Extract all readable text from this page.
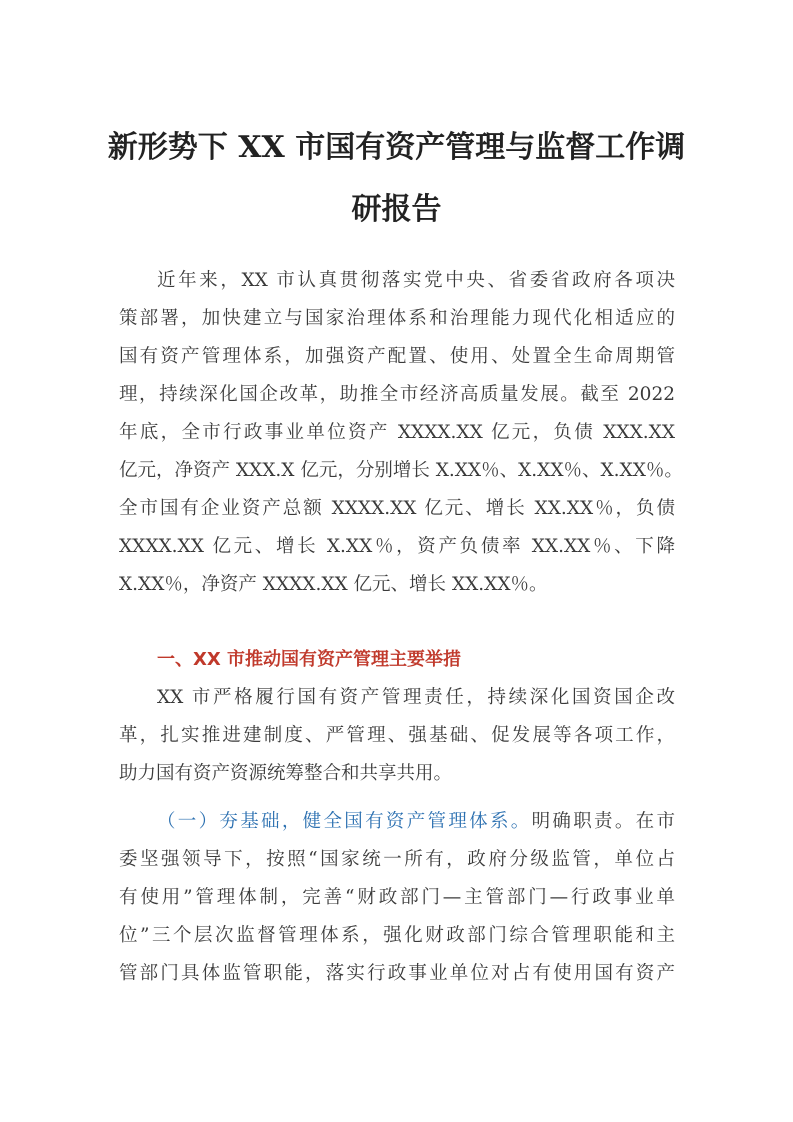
新形势下 XX 市国有资产管理与监督工作调
研报告
近年来，XX 市认真贯彻落实党中央、省委省政府各项决
策部署，加快建立与国家治理体系和治理能力现代化相适应的
国有资产管理体系，加强资产配置、使用、处置全生命周期管
理，持续深化国企改革，助推全市经济高质量发展。截至 2022
年底，全市行政事业单位资产 XXXX.XX 亿元，负债 XXX.XX
亿元，净资产 XXX.X 亿元，分别增长 X.XX％、X.XX％、X.XX％。
全市国有企业资产总额 XXXX.XX 亿元、增长 XX.XX％，负债
XXXX.XX 亿元、增长 X.XX％，资产负债率 XX.XX％、下降
X.XX％，净资产 XXXX.XX 亿元、增长 XX.XX％。
一、XX 市推动国有资产管理主要举措
XX 市严格履行国有资产管理责任，持续深化国资国企改
革，扎实推进建制度、严管理、强基础、促发展等各项工作，
助力国有资产资源统筹整合和共享共用。
（一）夯基础，健全国有资产管理体系。明确职责。在市
委坚强领导下，按照“国家统一所有，政府分级监管，单位占
有使用”管理体制，完善“财政部门—主管部门—行政事业单
位”三个层次监督管理体系，强化财政部门综合管理职能和主
管部门具体监管职能，落实行政事业单位对占有使用国有资产
